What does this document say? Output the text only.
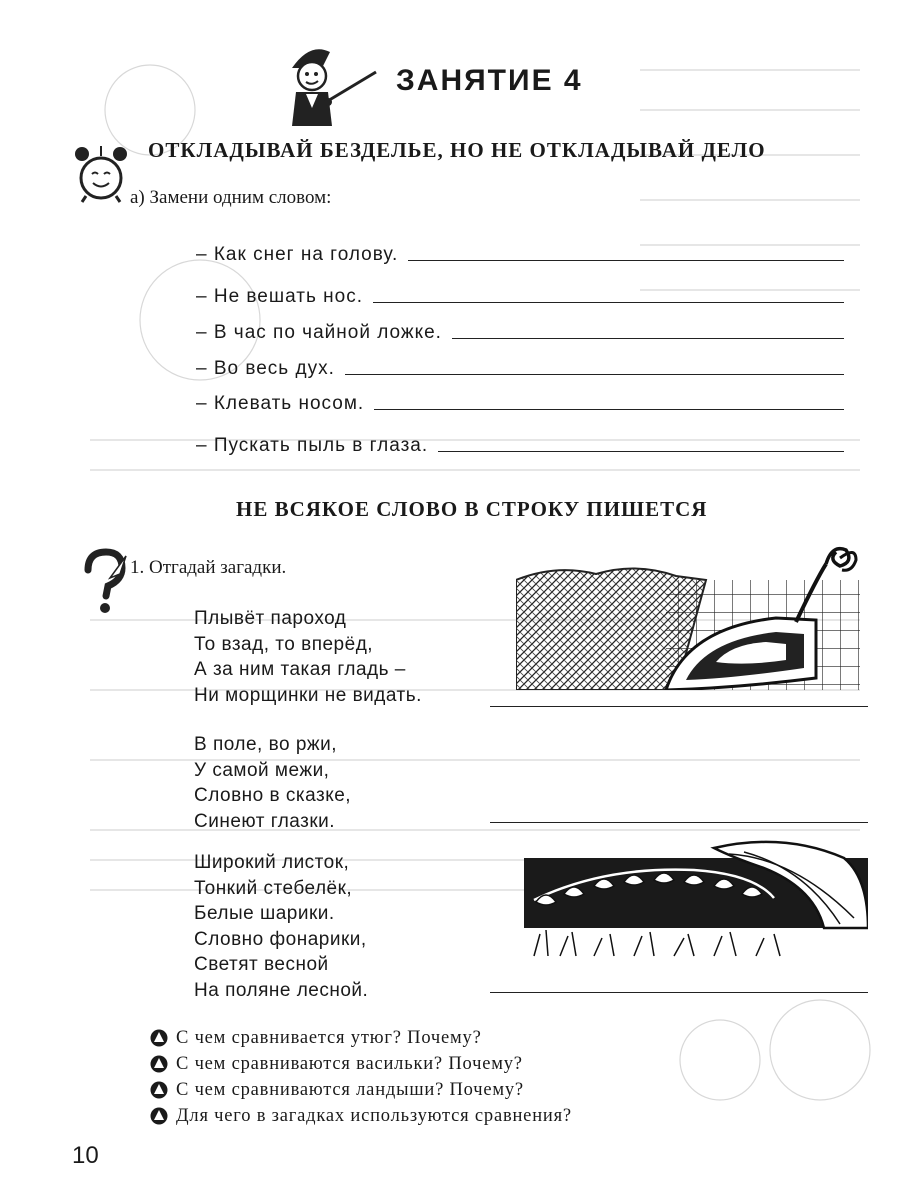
ЗАНЯТИЕ 4
ОТКЛАДЫВАЙ БЕЗДЕЛЬЕ, НО НЕ ОТКЛАДЫВАЙ ДЕЛО
а) Замени одним словом:
– Как снег на голову.
– Не вешать нос.
– В час по чайной ложке.
– Во весь дух.
– Клевать носом.
– Пускать пыль в глаза.
НЕ ВСЯКОЕ СЛОВО В СТРОКУ ПИШЕТСЯ
1. Отгадай загадки.
Плывёт пароход
То взад, то вперёд,
А за ним такая гладь –
Ни морщинки не видать.
В поле, во ржи,
У самой межи,
Словно в сказке,
Синеют глазки.
Широкий листок,
Тонкий стебелёк,
Белые шарики.
Словно фонарики,
Светят весной
На поляне лесной.
С чем сравнивается утюг? Почему?
С чем сравниваются васильки? Почему?
С чем сравниваются ландыши? Почему?
Для чего в загадках используются сравнения?
10
